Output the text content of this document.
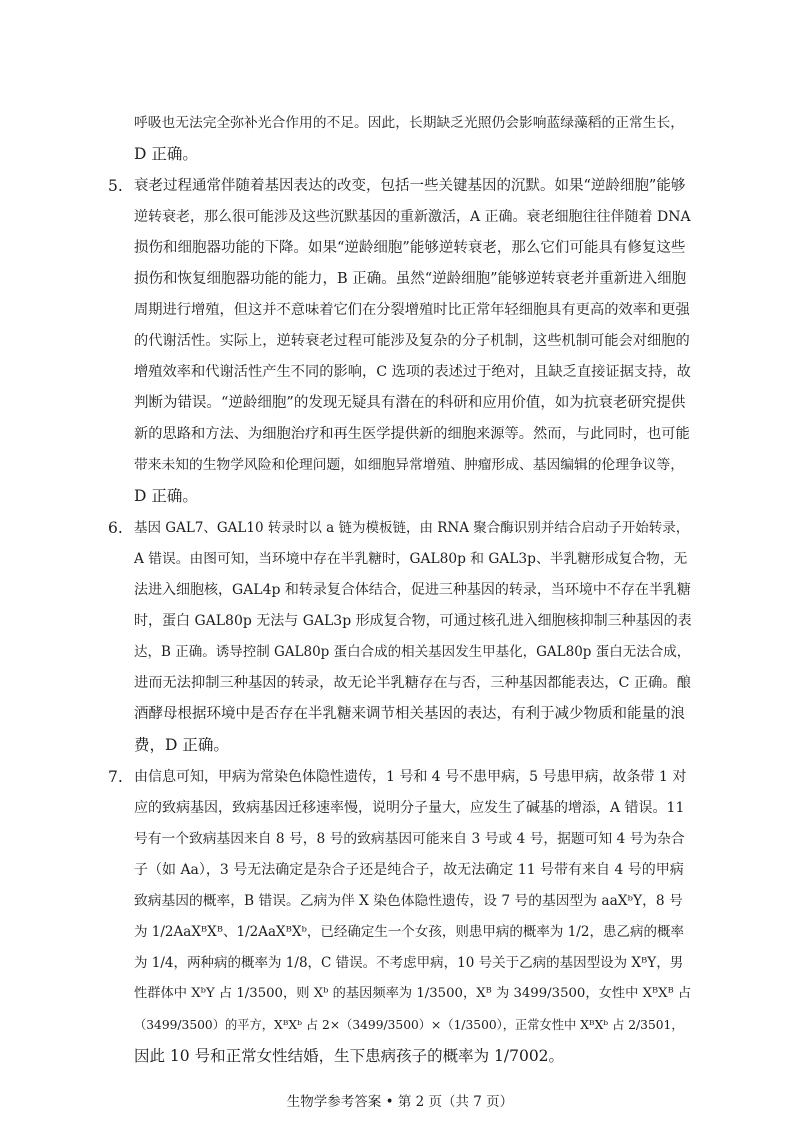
呼吸也无法完全弥补光合作用的不足。因此，长期缺乏光照仍会影响蓝绿藻稻的正常生长，
D 正确。
5. 衰老过程通常伴随着基因表达的改变，包括一些关键基因的沉默。如果“逆龄细胞”能够
逆转衰老，那么很可能涉及这些沉默基因的重新激活，A 正确。衰老细胞往往伴随着 DNA
损伤和细胞器功能的下降。如果“逆龄细胞”能够逆转衰老，那么它们可能具有修复这些
损伤和恢复细胞器功能的能力，B 正确。虽然“逆龄细胞”能够逆转衰老并重新进入细胞
周期进行增殖，但这并不意味着它们在分裂增殖时比正常年轻细胞具有更高的效率和更强
的代谢活性。实际上，逆转衰老过程可能涉及复杂的分子机制，这些机制可能会对细胞的
增殖效率和代谢活性产生不同的影响，C 选项的表述过于绝对，且缺乏直接证据支持，故
判断为错误。“逆龄细胞”的发现无疑具有潜在的科研和应用价值，如为抗衰老研究提供
新的思路和方法、为细胞治疗和再生医学提供新的细胞来源等。然而，与此同时，也可能
带来未知的生物学风险和伦理问题，如细胞异常增殖、肿瘤形成、基因编辑的伦理争议等，
D 正确。
6. 基因 GAL7、GAL10 转录时以 a 链为模板链，由 RNA 聚合酶识别并结合启动子开始转录，
A 错误。由图可知，当环境中存在半乳糖时，GAL80p 和 GAL3p、半乳糖形成复合物，无
法进入细胞核，GAL4p 和转录复合体结合，促进三种基因的转录，当环境中不存在半乳糖
时，蛋白 GAL80p 无法与 GAL3p 形成复合物，可通过核孔进入细胞核抑制三种基因的表
达，B 正确。诱导控制 GAL80p 蛋白合成的相关基因发生甲基化，GAL80p 蛋白无法合成，
进而无法抑制三种基因的转录，故无论半乳糖存在与否，三种基因都能表达，C 正确。酿
酒酵母根据环境中是否存在半乳糖来调节相关基因的表达，有利于减少物质和能量的浪
费，D 正确。
7. 由信息可知，甲病为常染色体隐性遗传，1 号和 4 号不患甲病，5 号患甲病，故条带 1 对
应的致病基因，致病基因迁移速率慢，说明分子量大，应发生了碱基的增添，A 错误。11
号有一个致病基因来自 8 号，8 号的致病基因可能来自 3 号或 4 号，据题可知 4 号为杂合
子（如 Aa），3 号无法确定是杂合子还是纯合子，故无法确定 11 号带有来自 4 号的甲病
致病基因的概率，B 错误。乙病为伴 X 染色体隐性遗传，设 7 号的基因型为 aaXᵇY，8 号
为 1/2AaXᴮXᴮ、1/2AaXᴮXᵇ，已经确定生一个女孩，则患甲病的概率为 1/2，患乙病的概率
为 1/4，两种病的概率为 1/8，C 错误。不考虑甲病，10 号关于乙病的基因型设为 XᴮY，男
性群体中 XᵇY 占 1/3500，则 Xᵇ 的基因频率为 1/3500，Xᴮ 为 3499/3500，女性中 XᴮXᴮ 占
（3499/3500）的平方，XᴮXᵇ 占 2×（3499/3500）×（1/3500），正常女性中 XᴮXᵇ 占 2/3501，
因此 10 号和正常女性结婚，生下患病孩子的概率为 1/7002。
生物学参考答案 • 第 2 页（共 7 页）
